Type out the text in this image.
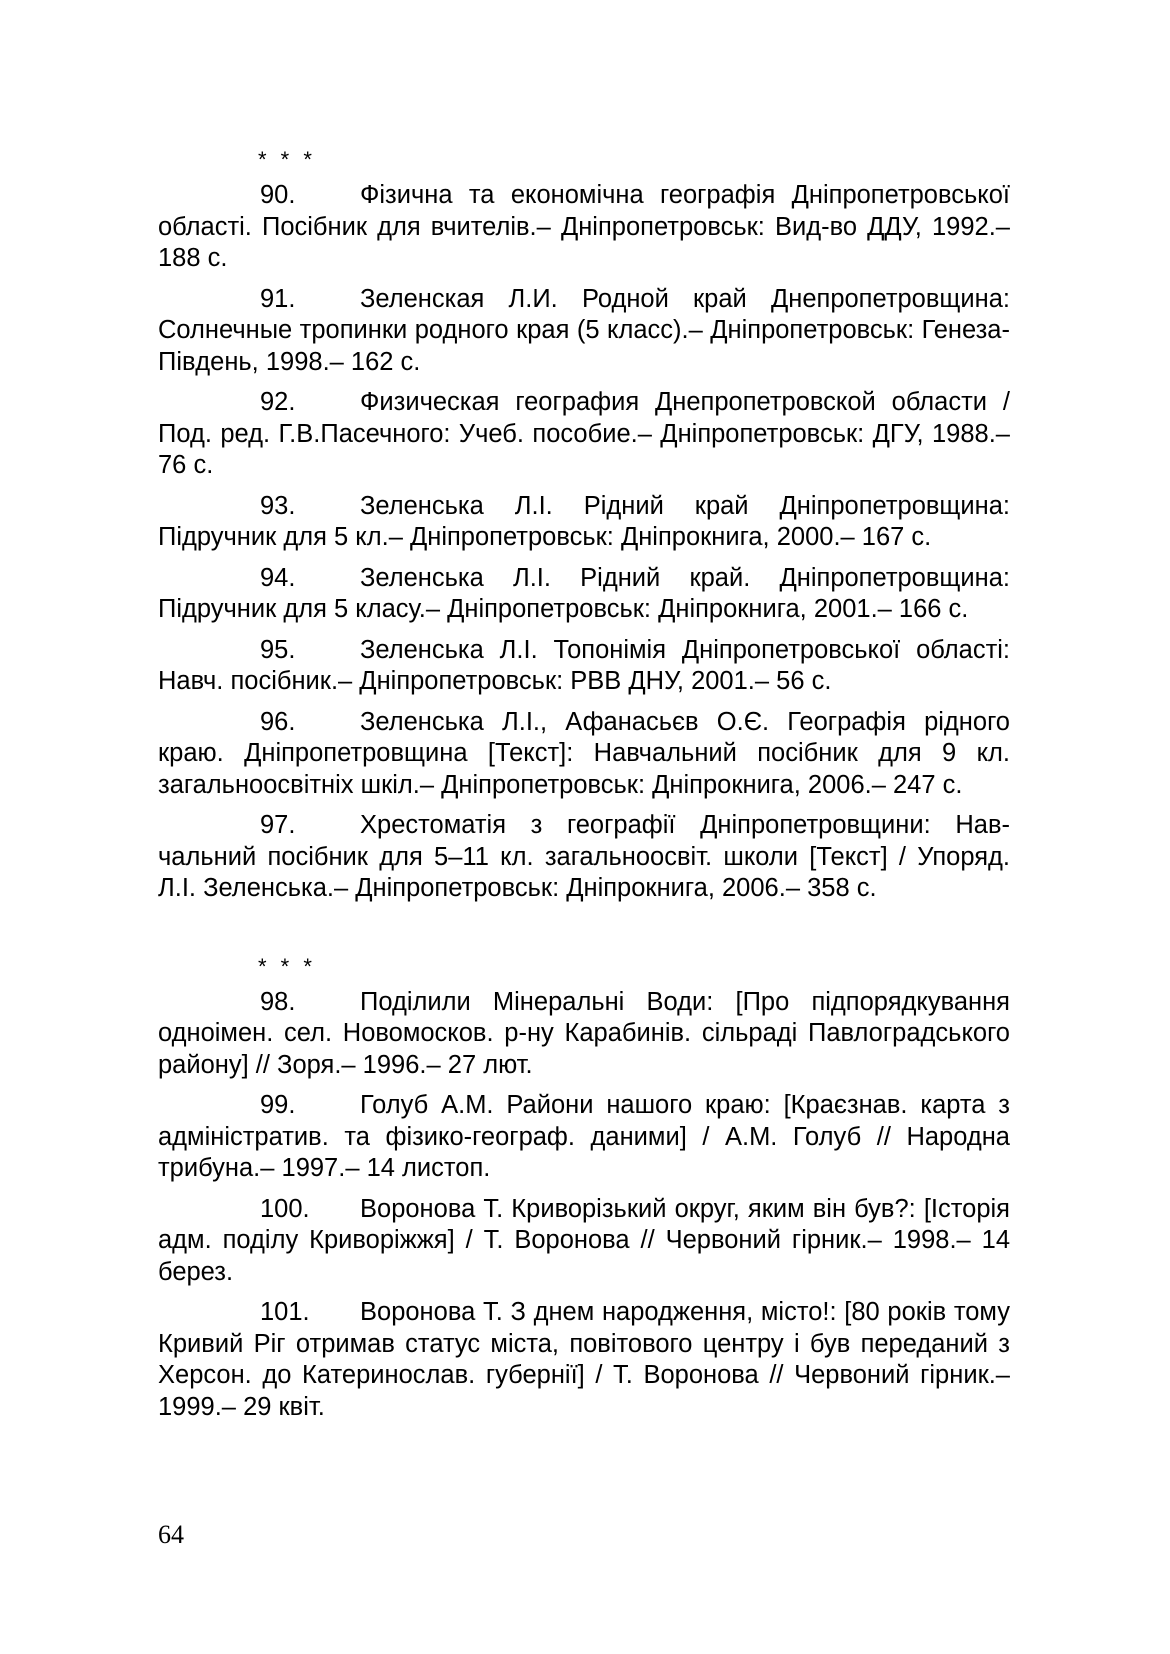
* * *
90.	Фізична та економічна географія Дніпропетровської області. Посібник для вчителів.– Дніпропетровськ: Вид-во ДДУ, 1992.– 188 с.
91.	Зеленская Л.И. Родной край Днепропетровщина: Солнечные тропинки родного края (5 класс).– Дніпропетровськ: Генеза-Південь, 1998.– 162 с.
92.	Физическая география Днепропетровской области / Под. ред. Г.В.Пасечного: Учеб. пособие.– Дніпропетровськ: ДГУ, 1988.– 76 с.
93.	Зеленська Л.І. Рідний край Дніпропетровщина: Підручник для 5 кл.– Дніпропетровськ: Дніпрокнига, 2000.– 167 с.
94.	Зеленська Л.І. Рідний край. Дніпропетровщина: Підручник для 5 класу.– Дніпропетровськ: Дніпрокнига, 2001.– 166 с.
95.	Зеленська Л.І. Топонімія Дніпропетровської області: Навч. посібник.– Дніпропетровськ: РВВ ДНУ, 2001.– 56 с.
96.	Зеленська Л.І., Афанасьєв О.Є. Географія рідного краю. Дніпропетровщина [Текст]: Навчальний посібник для 9 кл. загальноосвітніх шкіл.– Дніпропетровськ: Дніпрокнига, 2006.– 247 с.
97.	Хрестоматія з географії Дніпропетровщини: Навчальний посібник для 5–11 кл. загальноосвіт. школи [Текст] / Упоряд. Л.І. Зеленська.– Дніпропетровськ: Дніпрокнига, 2006.– 358 с.
* * *
98.	Поділили Мінеральні Води: [Про підпорядкування одноімен. сел. Новомосков. р-ну Карабинів. сільраді Павлоградського району] // Зоря.– 1996.– 27 лют.
99.	Голуб А.М. Райони нашого краю: [Краєзнав. карта з адміністратив. та фізико-географ. даними] / А.М. Голуб // Народна трибуна.– 1997.– 14 листоп.
100. Воронова Т. Криворізький округ, яким він був?: [Історія адм. поділу Криворіжжя] / Т. Воронова // Червоний гірник.– 1998.– 14 берез.
101. Воронова Т. З днем народження, місто!: [80 років тому Кривий Ріг отримав статус міста, повітового центру і був переданий з Херсон. до Катеринослав. губернії] / Т. Воронова // Червоний гірник.– 1999.– 29 квіт.
64
